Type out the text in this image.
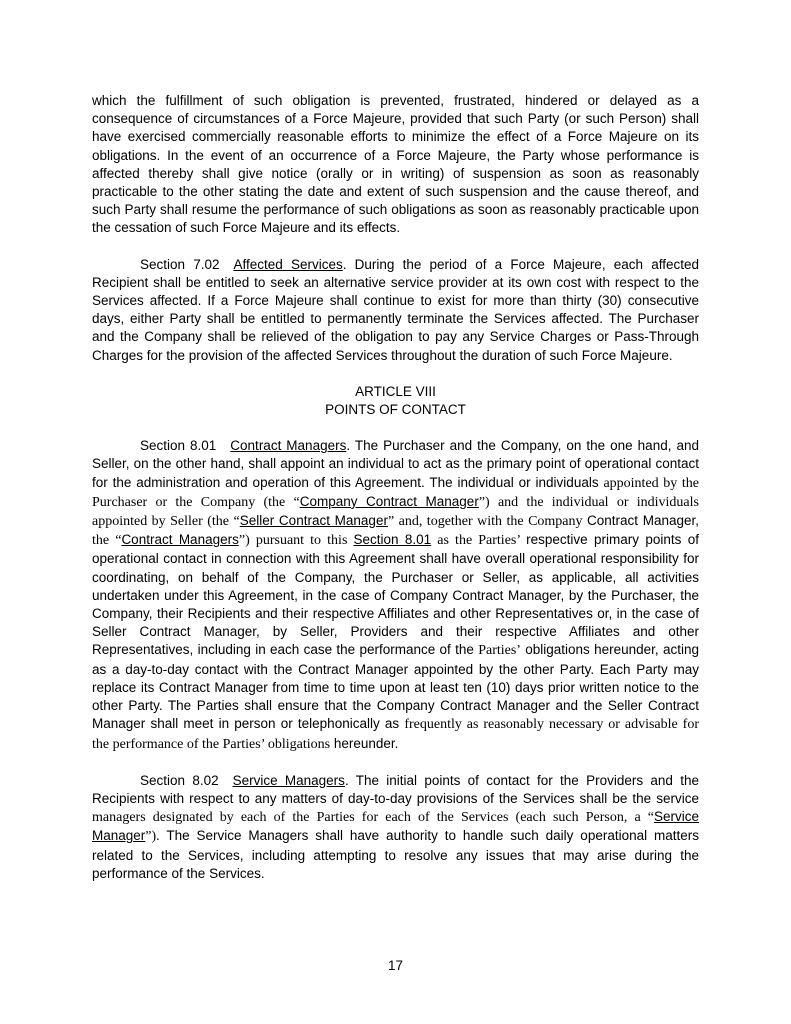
which the fulfillment of such obligation is prevented, frustrated, hindered or delayed as a consequence of circumstances of a Force Majeure, provided that such Party (or such Person) shall have exercised commercially reasonable efforts to minimize the effect of a Force Majeure on its obligations. In the event of an occurrence of a Force Majeure, the Party whose performance is affected thereby shall give notice (orally or in writing) of suspension as soon as reasonably practicable to the other stating the date and extent of such suspension and the cause thereof, and such Party shall resume the performance of such obligations as soon as reasonably practicable upon the cessation of such Force Majeure and its effects.

Section 7.02 Affected Services. During the period of a Force Majeure, each affected Recipient shall be entitled to seek an alternative service provider at its own cost with respect to the Services affected. If a Force Majeure shall continue to exist for more than thirty (30) consecutive days, either Party shall be entitled to permanently terminate the Services affected. The Purchaser and the Company shall be relieved of the obligation to pay any Service Charges or Pass-Through Charges for the provision of the affected Services throughout the duration of such Force Majeure.

ARTICLE VIII

POINTS OF CONTACT

Section 8.01 Contract Managers. The Purchaser and the Company, on the one hand, and Seller, on the other hand, shall appoint an individual to act as the primary point of operational contact for the administration and operation of this Agreement. The individual or individuals appointed by the Purchaser or the Company (the “Company Contract Manager”) and the individual or individuals appointed by Seller (the “Seller Contract Manager” and, together with the Company Contract Manager, the “Contract Managers”) pursuant to this Section 8.01 as the Parties’ respective primary points of operational contact in connection with this Agreement shall have overall operational responsibility for coordinating, on behalf of the Company, the Purchaser or Seller, as applicable, all activities undertaken under this Agreement, in the case of Company Contract Manager, by the Purchaser, the Company, their Recipients and their respective Affiliates and other Representatives or, in the case of Seller Contract Manager, by Seller, Providers and their respective Affiliates and other Representatives, including in each case the performance of the Parties’ obligations hereunder, acting as a day-to-day contact with the Contract Manager appointed by the other Party. Each Party may replace its Contract Manager from time to time upon at least ten (10) days prior written notice to the other Party. The Parties shall ensure that the Company Contract Manager and the Seller Contract Manager shall meet in person or telephonically as frequently as reasonably necessary or advisable for the performance of the Parties’ obligations hereunder.

Section 8.02 Service Managers. The initial points of contact for the Providers and the Recipients with respect to any matters of day-to-day provisions of the Services shall be the service managers designated by each of the Parties for each of the Services (each such Person, a “Service Manager”). The Service Managers shall have authority to handle such daily operational matters related to the Services, including attempting to resolve any issues that may arise during the performance of the Services.

17
